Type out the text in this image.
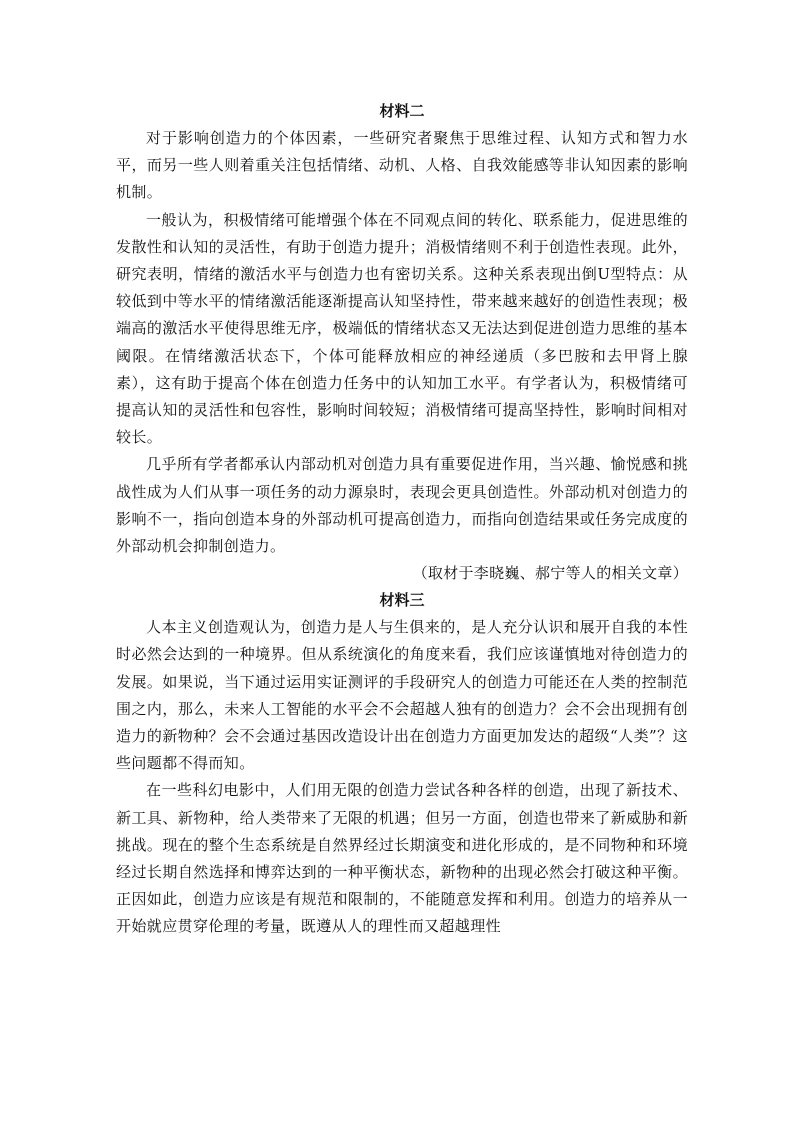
材料二

对于影响创造力的个体因素，一些研究者聚焦于思维过程、认知方式和智力水平，而另一些人则着重关注包括情绪、动机、人格、自我效能感等非认知因素的影响机制。

一般认为，积极情绪可能增强个体在不同观点间的转化、联系能力，促进思维的发散性和认知的灵活性，有助于创造力提升；消极情绪则不利于创造性表现。此外，研究表明，情绪的激活水平与创造力也有密切关系。这种关系表现出倒U型特点：从较低到中等水平的情绪激活能逐渐提高认知坚持性，带来越来越好的创造性表现；极端高的激活水平使得思维无序，极端低的情绪状态又无法达到促进创造力思维的基本阈限。在情绪激活状态下，个体可能释放相应的神经递质（多巴胺和去甲肾上腺素），这有助于提高个体在创造力任务中的认知加工水平。有学者认为，积极情绪可提高认知的灵活性和包容性，影响时间较短；消极情绪可提高坚持性，影响时间相对较长。

几乎所有学者都承认内部动机对创造力具有重要促进作用，当兴趣、愉悦感和挑战性成为人们从事一项任务的动力源泉时，表现会更具创造性。外部动机对创造力的影响不一，指向创造本身的外部动机可提高创造力，而指向创造结果或任务完成度的外部动机会抑制创造力。

（取材于李晓巍、郝宁等人的相关文章）

材料三

人本主义创造观认为，创造力是人与生俱来的，是人充分认识和展开自我的本性时必然会达到的一种境界。但从系统演化的角度来看，我们应该谨慎地对待创造力的发展。如果说，当下通过运用实证测评的手段研究人的创造力可能还在人类的控制范围之内，那么，未来人工智能的水平会不会超越人独有的创造力？会不会出现拥有创造力的新物种？会不会通过基因改造设计出在创造力方面更加发达的超级“人类”？这些问题都不得而知。

在一些科幻电影中，人们用无限的创造力尝试各种各样的创造，出现了新技术、新工具、新物种，给人类带来了无限的机遇；但另一方面，创造也带来了新威胁和新挑战。现在的整个生态系统是自然界经过长期演变和进化形成的，是不同物种和环境经过长期自然选择和博弈达到的一种平衡状态，新物种的出现必然会打破这种平衡。正因如此，创造力应该是有规范和限制的，不能随意发挥和利用。创造力的培养从一开始就应贯穿伦理的考量，既遵从人的理性而又超越理性
